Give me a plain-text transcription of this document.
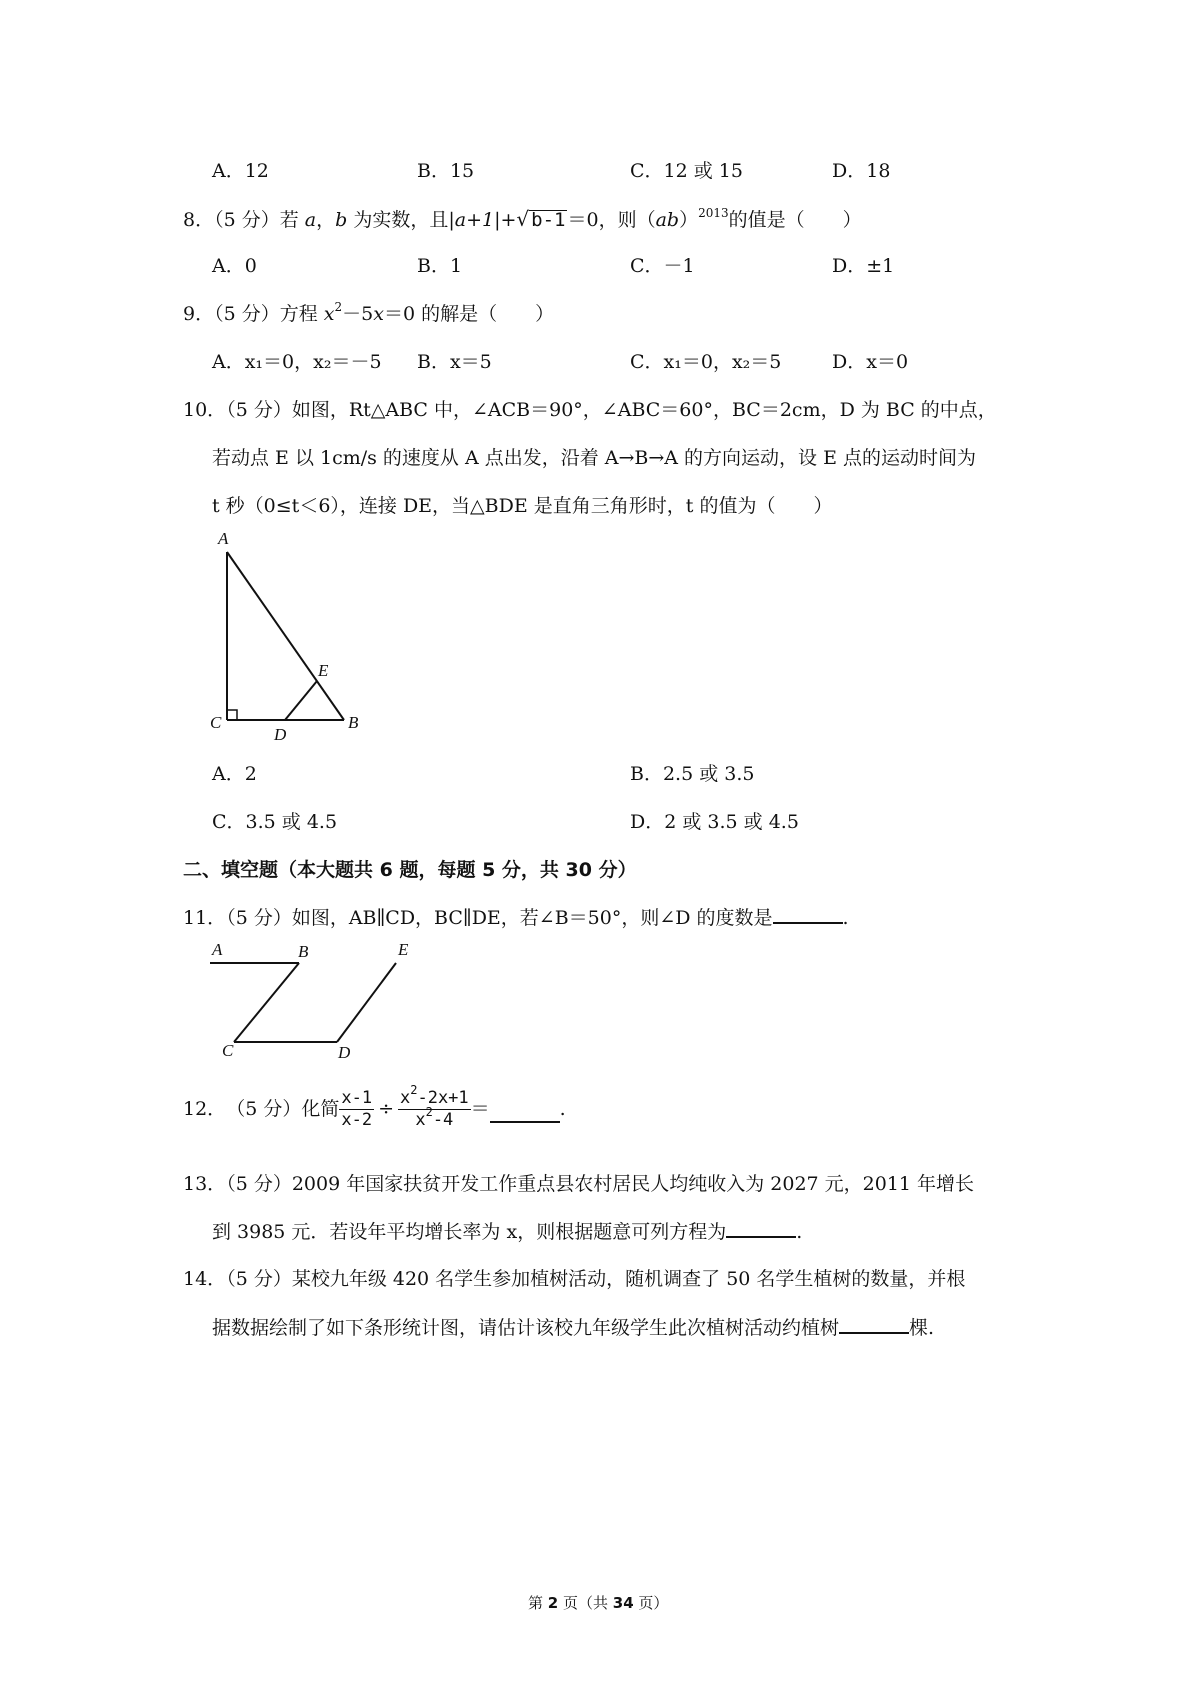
A．12	B．15	C．12 或 15	D．18
8．（5 分）若 a，b 为实数，且|a+1|+√ b-1 ＝0，则（ab）$^{2013}$的值是（　　）
A．0	B．1	C．－1	D．±1
9．（5 分）方程 $x^2-5x=0$ 的解是（　　）
A．x₁＝0，x₂＝－5 B．x＝5	C．x₁＝0，x₂＝5	D．x＝0
10．（5 分）如图，Rt△ABC 中，∠ACB＝90°，∠ABC＝60°，BC＝2cm，D 为 BC 的中点，
若动点 E 以 1cm/s 的速度从 A 点出发，沿着 A→B→A 的方向运动，设 E 点的运动时间为
t 秒（0≤t＜6），连接 DE，当△BDE 是直角三角形时，t 的值为（　　）
A
C
D
E
B
A．2	B．2.5 或 3.5
C．3.5 或 4.5	D．2 或 3.5 或 4.5
二、填空题（本大题共 6 题，每题 5 分，共 30 分）
11．（5 分）如图，AB∥CD，BC∥DE，若∠B＝50°，则∠D 的度数是	.
A	B	E
C	D
12． （5 分） 化简 $\frac{x-1}{x-2} \div \frac{x^2-2x+1}{x^2-4}$ ＝	.
13．（5 分）2009 年国家扶贫开发工作重点县农村居民人均纯收入为 2027 元，2011 年增长
到 3985 元．若设年平均增长率为 x，则根据题意可列方程为	.
14．（5 分）某校九年级 420 名学生参加植树活动，随机调查了 50 名学生植树的数量，并根
据数据绘制了如下条形统计图，请估计该校九年级学生此次植树活动约植树	棵.
第 2 页（共 34 页）
